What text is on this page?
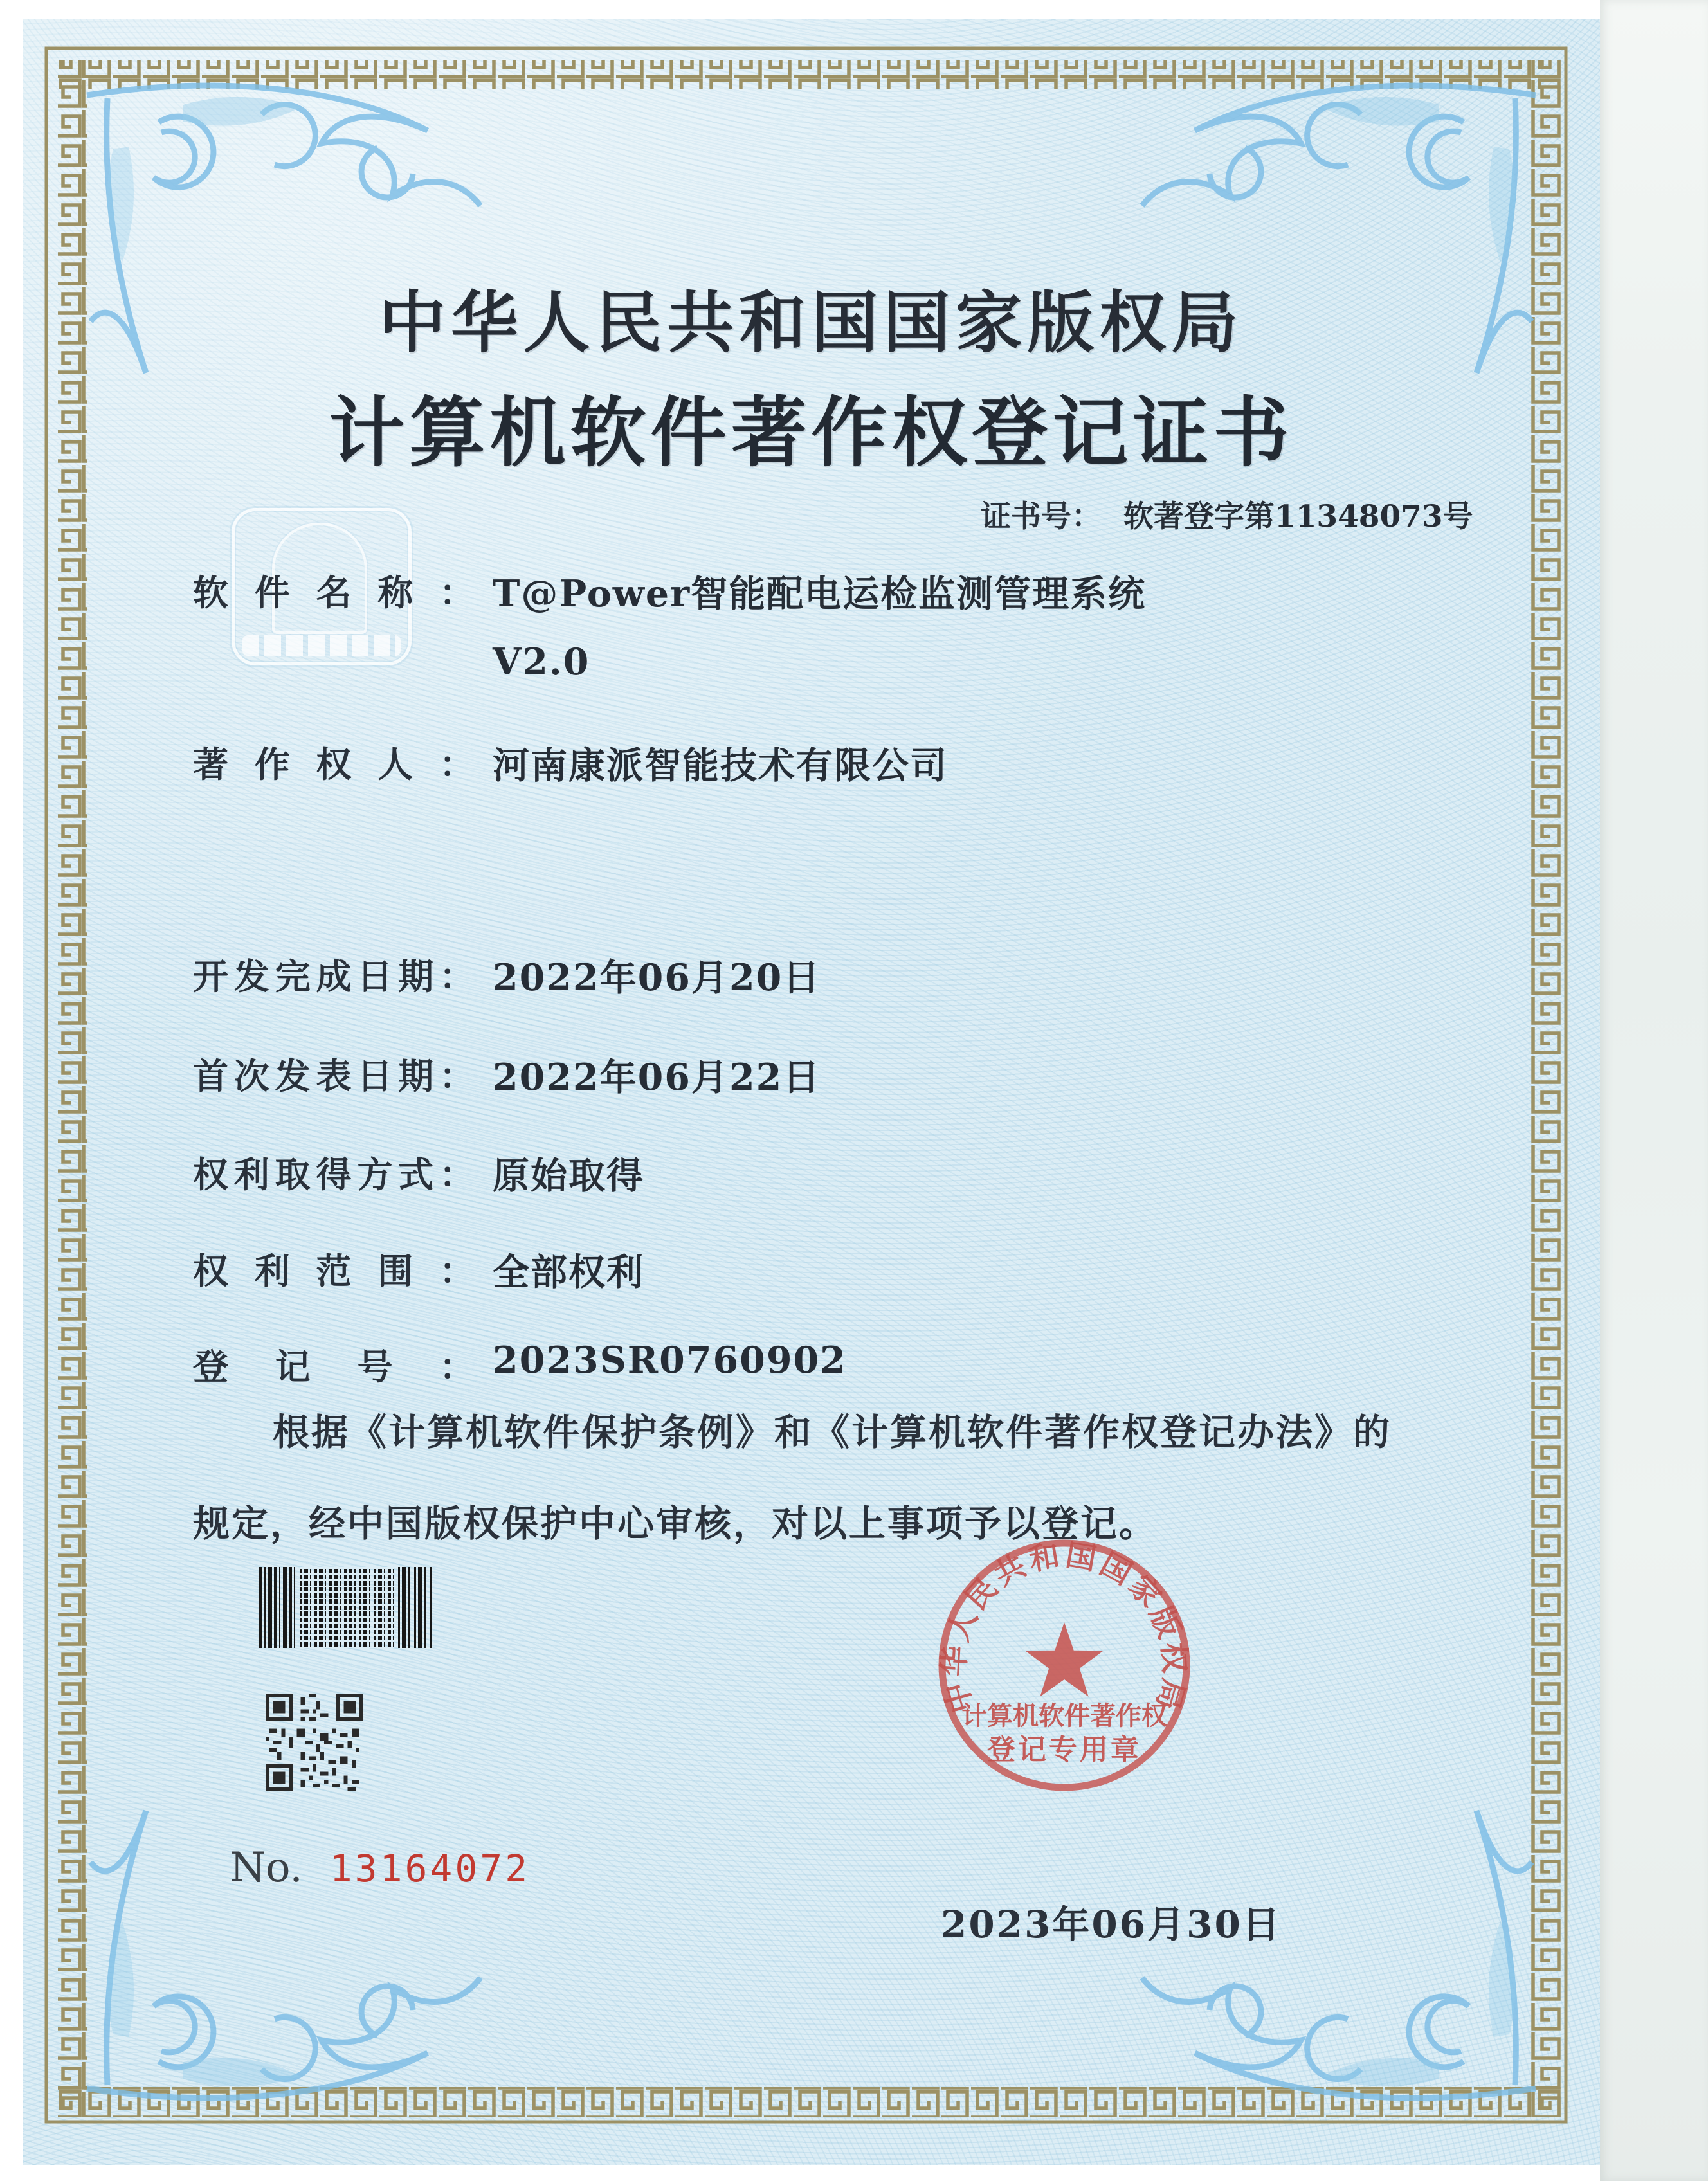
中华人民共和国国家版权局
计算机软件著作权登记证书
证书号： 软著登字第11348073号
软件名称： T@Power智能配电运检监测管理系统
V2.0
著作权人： 河南康派智能技术有限公司
开发完成日期： 2022年06月20日
首次发表日期： 2022年06月22日
权利取得方式： 原始取得
权利范围： 全部权利
登记号： 2023SR0760902
根据《计算机软件保护条例》和《计算机软件著作权登记办法》的
规定，经中国版权保护中心审核，对以上事项予以登记。
No. 13164072
中华人民共和国国家版权局
计算机软件著作权
登记专用章
2023年06月30日
